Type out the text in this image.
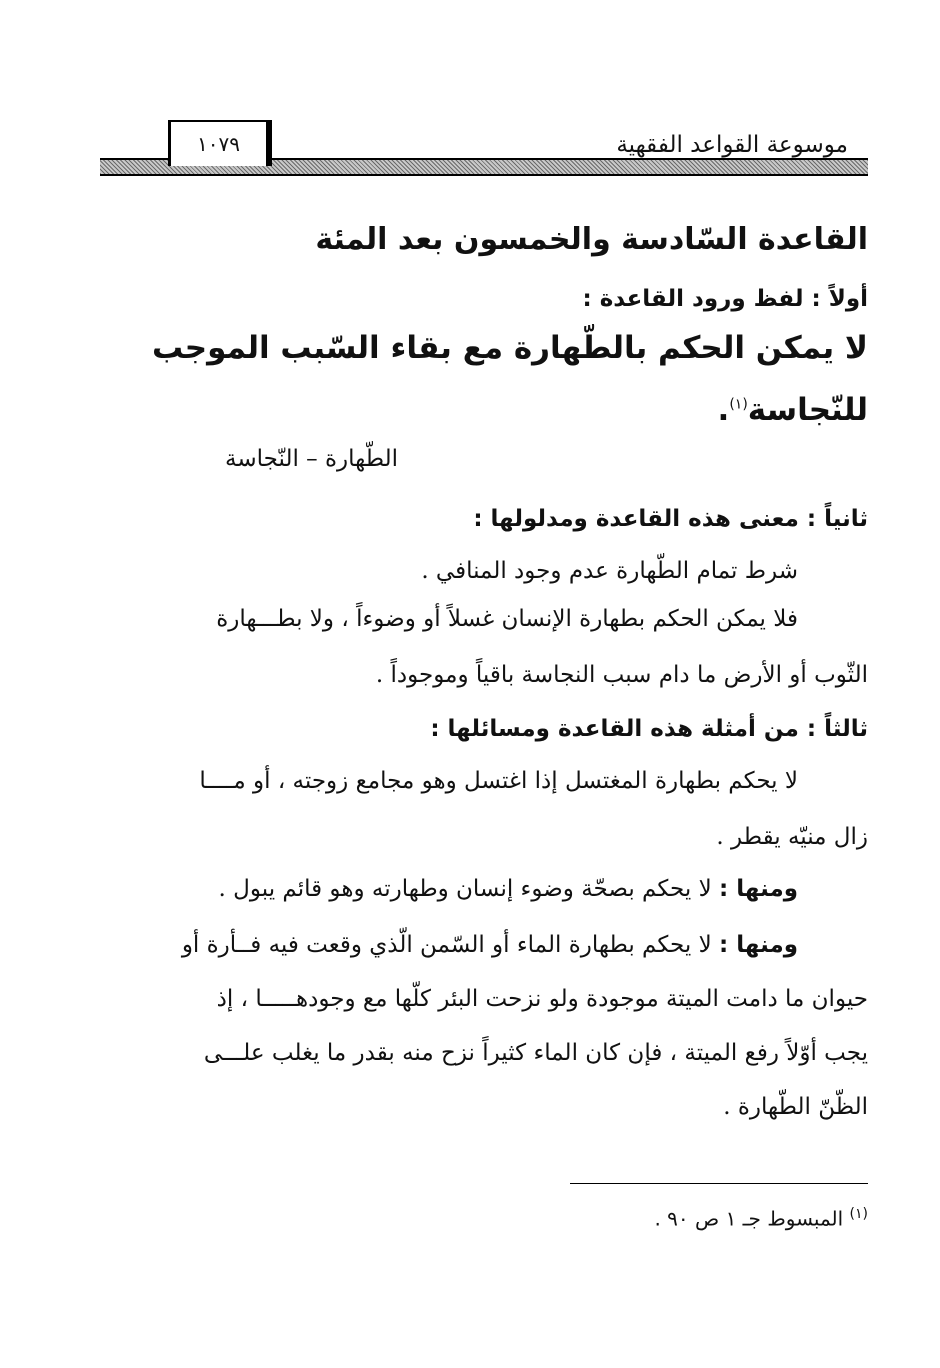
موسوعة القواعد الفقهية
١٠٧٩
القاعدة السّادسة والخمسون بعد المئة
أولاً : لفظ ورود القاعدة :
لا يمكن الحكم بالطّهارة مع بقاء السّبب الموجب
للنّجاسة$^{(١)}$.
الطّهارة – النّجاسة
ثانياً : معنى هذه القاعدة ومدلولها :
شرط تمام الطّهارة عدم وجود المنافي .
فلا يمكن الحكم بطهارة الإنسان غسلاً أو وضوءاً ، ولا بطـــهارة
الثّوب أو الأرض ما دام سبب النجاسة باقياً وموجوداً .
ثالثاً : من أمثلة هذه القاعدة ومسائلها :
لا يحكم بطهارة المغتسل إذا اغتسل وهو مجامع زوجته ، أو مــــا
زال منيّه يقطر .
ومنها : لا يحكم بصحّة وضوء إنسان وطهارته وهو قائم يبول .
ومنها : لا يحكم بطهارة الماء أو السّمن الّذي وقعت فيه فــأرة أو
حيوان ما دامت الميتة موجودة ولو نزحت البئر كلّها مع وجودهـــــا ، إذ
يجب أوّلاً رفع الميتة ، فإن كان الماء كثيراً نزح منه بقدر ما يغلب علـــى
الظّنّ الطّهارة .
$^{(١)}$ المبسوط جـ ١ ص ٩٠ .
